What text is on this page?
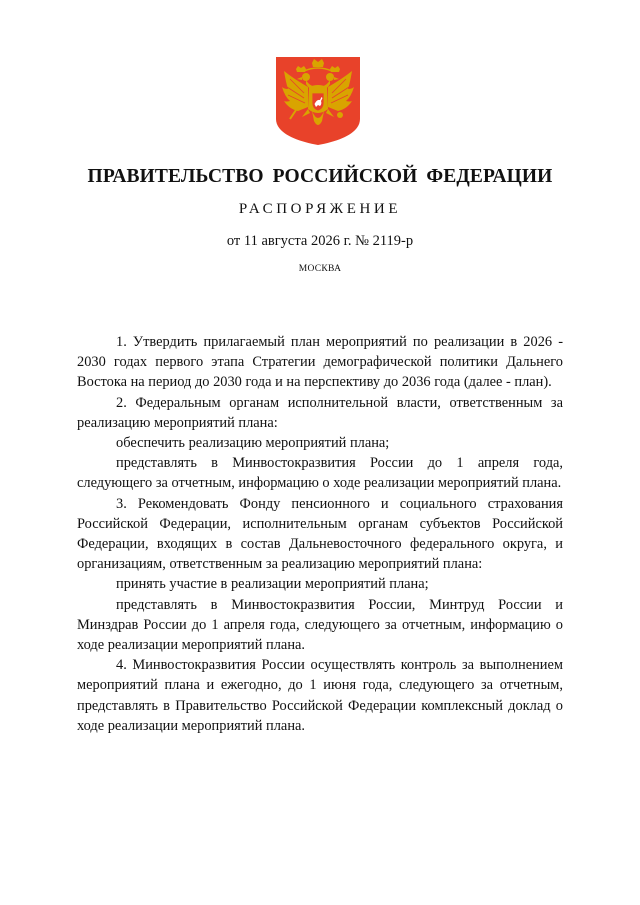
ПРАВИТЕЛЬСТВО РОССИЙСКОЙ ФЕДЕРАЦИИ
РАСПОРЯЖЕНИЕ
от 11 августа 2026 г. № 2119-р
МОСКВА

1. Утвердить прилагаемый план мероприятий по реализации в 2026 - 2030 годах первого этапа Стратегии демографической политики Дальнего Востока на период до 2030 года и на перспективу до 2036 года (далее - план).

2. Федеральным органам исполнительной власти, ответственным за реализацию мероприятий плана:

обеспечить реализацию мероприятий плана;

представлять в Минвостокразвития России до 1 апреля года, следующего за отчетным, информацию о ходе реализации мероприятий плана.

3. Рекомендовать Фонду пенсионного и социального страхования Российской Федерации, исполнительным органам субъектов Российской Федерации, входящих в состав Дальневосточного федерального округа, и организациям, ответственным за реализацию мероприятий плана:

принять участие в реализации мероприятий плана;

представлять в Минвостокразвития России, Минтруд России и Минздрав России до 1 апреля года, следующего за отчетным, информацию о ходе реализации мероприятий плана.

4. Минвостокразвития России осуществлять контроль за выполнением мероприятий плана и ежегодно, до 1 июня года, следующего за отчетным, представлять в Правительство Российской Федерации комплексный доклад о ходе реализации мероприятий плана.
